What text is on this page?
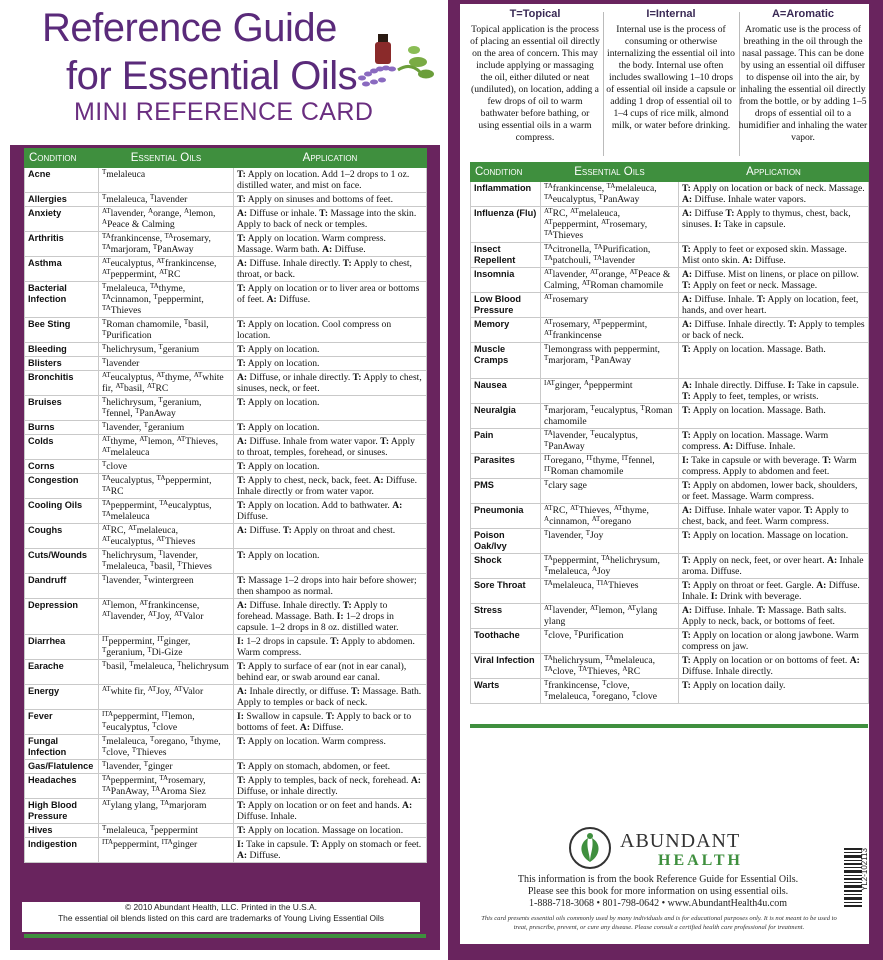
Reference Guide
for Essential Oils
MINI REFERENCE CARD
Condition	Essential Oils	Application
Acne	$^T$melaleuca	T: Apply on location. Add 1–2 drops to 1 oz. distilled water, and mist on face.
Allergies	$^T$melaleuca, $^T$lavender	T: Apply on sinuses and bottoms of feet.
Anxiety	$^{AT}$lavender, $^A$orange, $^A$lemon, $^A$Peace & Calming	A: Diffuse or inhale. T: Massage into the skin. Apply to back of neck or temples.
Arthritis	$^{TA}$frankincense, $^{TA}$rosemary, $^{TA}$marjoram, $^T$PanAway	T: Apply on location. Warm compress. Massage. Warm bath. A: Diffuse.
Asthma	$^{AT}$eucalyptus, $^{AT}$frankincense, $^{AT}$peppermint, $^{AT}$RC	A: Diffuse. Inhale directly. T: Apply to chest, throat, or back.
Bacterial Infection	$^T$melaleuca, $^{TA}$thyme, $^{TA}$cinnamon, $^T$peppermint, $^{TA}$Thieves	T: Apply on location or to liver area or bottoms of feet. A: Diffuse.
Bee Sting	$^T$Roman chamomile, $^T$basil, $^T$Purification	T: Apply on location. Cool compress on location.
Bleeding	$^T$helichrysum, $^T$geranium	T: Apply on location.
Blisters	$^T$lavender	T: Apply on location.
Bronchitis	$^{AT}$eucalyptus, $^{AT}$thyme, $^{AT}$white fir, $^{AT}$basil, $^{AT}$RC	A: Diffuse, or inhale directly. T: Apply to chest, sinuses, neck, or feet.
Bruises	$^T$helichrysum, $^T$geranium, $^T$fennel, $^T$PanAway	T: Apply on location.
Burns	$^T$lavender, $^T$geranium	T: Apply on location.
Colds	$^{AT}$thyme, $^{AT}$lemon, $^{AT}$Thieves, $^{AT}$melaleuca	A: Diffuse. Inhale from water vapor. T: Apply to throat, temples, forehead, or sinuses.
Corns	$^T$clove	T: Apply on location.
Congestion	$^{TA}$eucalyptus, $^{TA}$peppermint, $^{TA}$RC	T: Apply to chest, neck, back, feet. A: Diffuse. Inhale directly or from water vapor.
Cooling Oils	$^{TA}$peppermint, $^{TA}$eucalyptus, $^{TA}$melaleuca	T: Apply on location. Add to bathwater. A: Diffuse.
Coughs	$^{AT}$RC, $^{AT}$melaleuca, $^{AT}$eucalyptus, $^{AT}$Thieves	A: Diffuse. T: Apply on throat and chest.
Cuts/Wounds	$^T$helichrysum, $^T$lavender, $^T$melaleuca, $^T$basil, $^T$Thieves	T: Apply on location.
Dandruff	$^T$lavender, $^T$wintergreen	T: Massage 1–2 drops into hair before shower; then shampoo as normal.
Depression	$^{AT}$lemon, $^{AT}$frankincense, $^{AT}$lavender, $^{AT}$Joy, $^{AT}$Valor	A: Diffuse. Inhale directly. T: Apply to forehead. Massage. Bath. I: 1–2 drops in capsule. 1–2 drops in 8 oz. distilled water.
Diarrhea	$^{IT}$peppermint, $^{IT}$ginger, $^T$geranium, $^T$Di-Gize	I: 1–2 drops in capsule. T: Apply to abdomen. Warm compress.
Earache	$^T$basil, $^T$melaleuca, $^T$helichrysum	T: Apply to surface of ear (not in ear canal), behind ear, or swab around ear canal.
Energy	$^{AT}$white fir, $^{AT}$Joy, $^{AT}$Valor	A: Inhale directly, or diffuse. T: Massage. Bath. Apply to temples or back of neck.
Fever	$^{ITA}$peppermint, $^{IT}$lemon, $^T$eucalyptus, $^T$clove	I: Swallow in capsule. T: Apply to back or to bottoms of feet. A: Diffuse.
Fungal Infection	$^T$melaleuca, $^T$oregano, $^T$thyme, $^T$clove, $^T$Thieves	T: Apply on location. Warm compress.
Gas/Flatulence	$^T$lavender, $^T$ginger	T: Apply on stomach, abdomen, or feet.
Headaches	$^{TA}$peppermint, $^{TA}$rosemary, $^{TA}$PanAway, $^{TA}$Aroma Siez	T: Apply to temples, back of neck, forehead. A: Diffuse, or inhale directly.
High Blood Pressure	$^{AT}$ylang ylang, $^{TA}$marjoram	T: Apply on location or on feet and hands. A: Diffuse. Inhale.
Hives	$^T$melaleuca, $^T$peppermint	T: Apply on location. Massage on location.
Indigestion	$^{ITA}$peppermint, $^{ITA}$ginger	I: Take in capsule. T: Apply on stomach or feet. A: Diffuse.
© 2010 Abundant Health, LLC. Printed in the U.S.A.
The essential oil blends listed on this card are trademarks of Young Living Essential Oils
T=Topical
Topical application is the process of placing an essential oil directly on the area of concern. This may include applying or massaging the oil, either diluted or neat (undiluted), on location, adding a few drops of oil to warm bathwater before bathing, or using essential oils in a warm compress.
I=Internal
Internal use is the process of consuming or otherwise internalizing the essential oil into the body. Internal use often includes swallowing 1–10 drops of essential oil inside a capsule or adding 1 drop of essential oil to 1–4 cups of rice milk, almond milk, or water before drinking.
A=Aromatic
Aromatic use is the process of breathing in the oil through the nasal passage. This can be done by using an essential oil diffuser to dispense oil into the air, by inhaling the essential oil directly from the bottle, or by adding 1–5 drops of essential oil to a humidifier and inhaling the water vapor.
Condition	Essential Oils	Application
Inflammation	$^{TA}$frankincense, $^{TA}$melaleuca, $^{TA}$eucalyptus, $^T$PanAway	T: Apply on location or back of neck. Massage. A: Diffuse. Inhale water vapors.
Influenza (Flu)	$^{AT}$RC, $^{AT}$melaleuca, $^{AT}$peppermint, $^{AT}$rosemary, $^{TA}$Thieves	A: Diffuse T: Apply to thymus, chest, back, sinuses. I: Take in capsule.
Insect Repellent	$^{TA}$citronella, $^{TA}$Purification, $^{TA}$patchouli, $^{TA}$lavender	T: Apply to feet or exposed skin. Massage. Mist onto skin. A: Diffuse.
Insomnia	$^{AT}$lavender, $^{AT}$orange, $^{AT}$Peace & Calming, $^{AT}$Roman chamomile	A: Diffuse. Mist on linens, or place on pillow. T: Apply on feet or neck. Massage.
Low Blood Pressure	$^{AT}$rosemary	A: Diffuse. Inhale. T: Apply on location, feet, hands, and over heart.
Memory	$^{AT}$rosemary, $^{AT}$peppermint, $^{AT}$frankincense	A: Diffuse. Inhale directly. T: Apply to temples or back of neck.
Muscle Cramps	$^T$lemongrass with peppermint, $^T$marjoram, $^T$PanAway	T: Apply on location. Massage. Bath.
Nausea	$^{IAT}$ginger, $^A$peppermint	A: Inhale directly. Diffuse. I: Take in capsule. T: Apply to feet, temples, or wrists.
Neuralgia	$^T$marjoram, $^T$eucalyptus, $^T$Roman chamomile	T: Apply on location. Massage. Bath.
Pain	$^{TA}$lavender, $^T$eucalyptus, $^T$PanAway	T: Apply on location. Massage. Warm compress. A: Diffuse. Inhale.
Parasites	$^{IT}$oregano, $^{IT}$thyme, $^{IT}$fennel, $^{IT}$Roman chamomile	I: Take in capsule or with beverage. T: Warm compress. Apply to abdomen and feet.
PMS	$^T$clary sage	T: Apply on abdomen, lower back, shoulders, or feet. Massage. Warm compress.
Pneumonia	$^{AT}$RC, $^{AT}$Thieves, $^{AT}$thyme, $^A$cinnamon, $^{AT}$oregano	A: Diffuse. Inhale water vapor. T: Apply to chest, back, and feet. Warm compress.
Poison Oak/Ivy	$^T$lavender, $^T$Joy	T: Apply on location. Massage on location.
Shock	$^{TA}$peppermint, $^{TA}$helichrysum, $^T$melaleuca, $^A$Joy	T: Apply on neck, feet, or over heart. A: Inhale aroma. Diffuse.
Sore Throat	$^{TA}$melaleuca, $^{TIA}$Thieves	T: Apply on throat or feet. Gargle. A: Diffuse. Inhale. I: Drink with beverage.
Stress	$^{AT}$lavender, $^{AT}$lemon, $^{AT}$ylang ylang	A: Diffuse. Inhale. T: Massage. Bath salts. Apply to neck, back, or bottoms of feet.
Toothache	$^T$clove, $^T$Purification	T: Apply on location or along jawbone. Warm compress on jaw.
Viral Infection	$^{TA}$helichrysum, $^{TA}$melaleuca, $^{TA}$clove, $^{TA}$Thieves, $^A$RC	T: Apply on location or on bottoms of feet. A: Diffuse. Inhale directly.
Warts	$^T$frankincense, $^T$clove, $^T$melaleuca, $^T$oregano, $^T$clove	T: Apply on location daily.
ABUNDANT
HEALTH
This information is from the book Reference Guide for Essential Oils.
Please see this book for more information on using essential oils.
1-888-718-3068 • 801-798-0642 • www.AbundantHealth4u.com
This card presents essential oils commonly used by many individuals and is for educational purposes only. It is not meant to be used to treat, prescribe, prevent, or cure any disease. Please consult a certified health care professional for treatment.
YL2-102113
